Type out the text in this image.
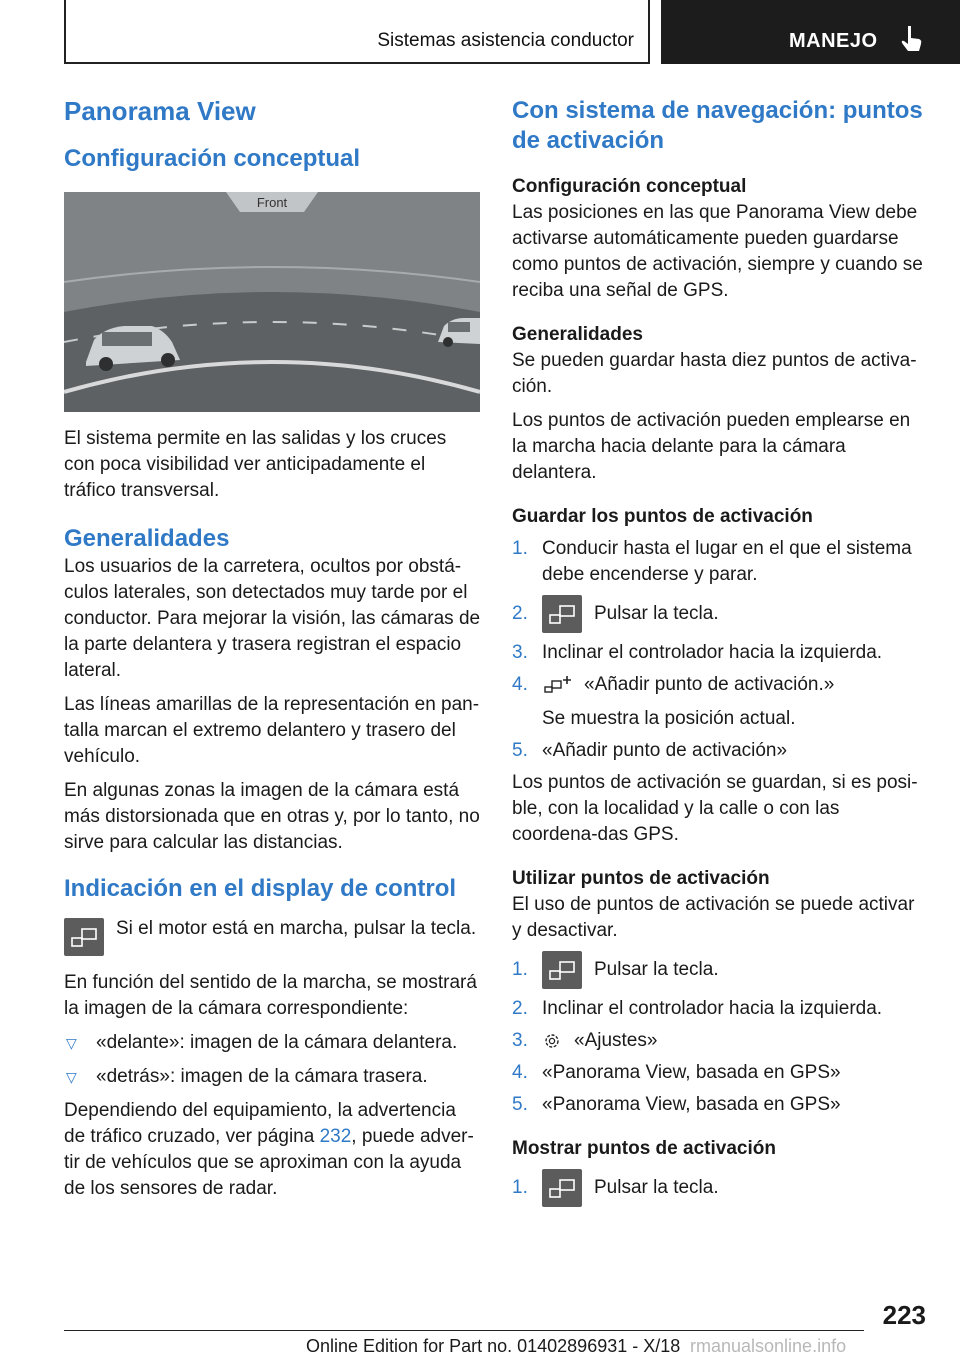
Sistemas asistencia conductor	MANEJO
Panorama View
Configuración conceptual
Front

El sistema permite en las salidas y los cruces con poca visibilidad ver anticipadamente el tráfico transversal.

Generalidades

Los usuarios de la carretera, ocultos por obstá-culos laterales, son detectados muy tarde por el conductor. Para mejorar la visión, las cámaras de la parte delantera y trasera registran el espacio lateral.

Las líneas amarillas de la representación en pan-talla marcan el extremo delantero y trasero del vehículo.

En algunas zonas la imagen de la cámara está más distorsionada que en otras y, por lo tanto, no sirve para calcular las distancias.

Indicación en el display de control

Si el motor está en marcha, pulsar la tecla.

En función del sentido de la marcha, se mostrará la imagen de la cámara correspondiente:

▽	«delante»: imagen de la cámara delantera.

▽	«detrás»: imagen de la cámara trasera.

Dependiendo del equipamiento, la advertencia de tráfico cruzado, ver página 232, puede adver-tir de vehículos que se aproximan con la ayuda de los sensores de radar.

Con sistema de navegación: puntos de activación
Configuración conceptual

Las posiciones en las que Panorama View debe activarse automáticamente pueden guardarse como puntos de activación, siempre y cuando se reciba una señal de GPS.

Generalidades

Se pueden guardar hasta diez puntos de activa-ción.

Los puntos de activación pueden emplearse en la marcha hacia delante para la cámara delantera.

Guardar los puntos de activación
1. Conducir hasta el lugar en el que el sistema debe encenderse y parar.

2.	Pulsar la tecla.

3. Inclinar el controlador hacia la izquierda.

4.	«Añadir punto de activación.»

Se muestra la posición actual.

5. «Añadir punto de activación»

Los puntos de activación se guardan, si es posi-ble, con la localidad y la calle o con las coordena-das GPS.

Utilizar puntos de activación

El uso de puntos de activación se puede activar y desactivar.

1.	Pulsar la tecla.

2. Inclinar el controlador hacia la izquierda.

3.	«Ajustes»
4. «Panorama View, basada en GPS»

5. «Panorama View, basada en GPS»

Mostrar puntos de activación
1.	Pulsar la tecla.

223
Online Edition for Part no. 01402896931 - X/18 rmanualsonline.info
